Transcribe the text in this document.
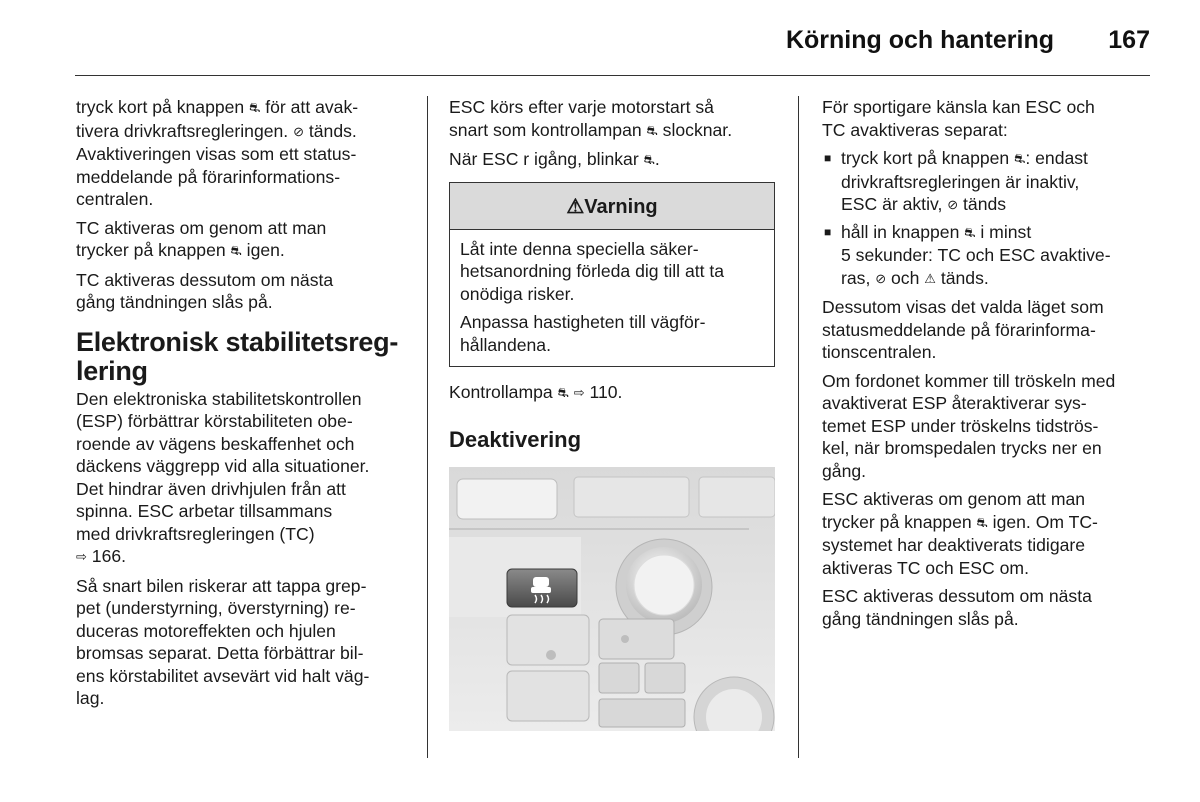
Körning och hantering 167

tryck kort på knappen ⛐ för att avak-
tivera drivkraftsregleringen. ⊘ tänds.
Avaktiveringen visas som ett status-
meddelande på förarinformations-
centralen.

TC aktiveras om genom att man
trycker på knappen ⛐ igen.

TC aktiveras dessutom om nästa
gång tändningen slås på.

Elektronisk stabilitetsreg-
lering

Den elektroniska stabilitetskontrollen
(ESP) förbättrar körstabiliteten obe-
roende av vägens beskaffenhet och
däckens väggrepp vid alla situationer.
Det hindrar även drivhjulen från att
spinna. ESC arbetar tillsammans
med drivkraftsregleringen (TC)
⇨ 166.

Så snart bilen riskerar att tappa grep-
pet (understyrning, överstyrning) re-
duceras motoreffekten och hjulen
bromsas separat. Detta förbättrar bil-
ens körstabilitet avsevärt vid halt väg-
lag.

ESC körs efter varje motorstart så
snart som kontrollampan ⛐ slocknar.

När ESC r igång, blinkar ⛐.

⚠Varning

Låt inte denna speciella säker-
hetsanordning förleda dig till att ta
onödiga risker.

Anpassa hastigheten till vägför-
hållandena.

Kontrollampa ⛐ ⇨ 110.

Deaktivering

För sportigare känsla kan ESC och
TC avaktiveras separat:

■ tryck kort på knappen ⛐: endast
drivkraftsregleringen är inaktiv,
ESC är aktiv, ⊘ tänds
■ håll in knappen ⛐ i minst
5 sekunder: TC och ESC avaktive-
ras, ⊘ och ⚠ tänds.

Dessutom visas det valda läget som
statusmeddelande på förarinforma-
tionscentralen.

Om fordonet kommer till tröskeln med
avaktiverat ESP återaktiverar sys-
temet ESP under tröskelns tidströs-
kel, när bromspedalen trycks ner en
gång.

ESC aktiveras om genom att man
trycker på knappen ⛐ igen. Om TC-
systemet har deaktiverats tidigare
aktiveras TC och ESC om.

ESC aktiveras dessutom om nästa
gång tändningen slås på.
